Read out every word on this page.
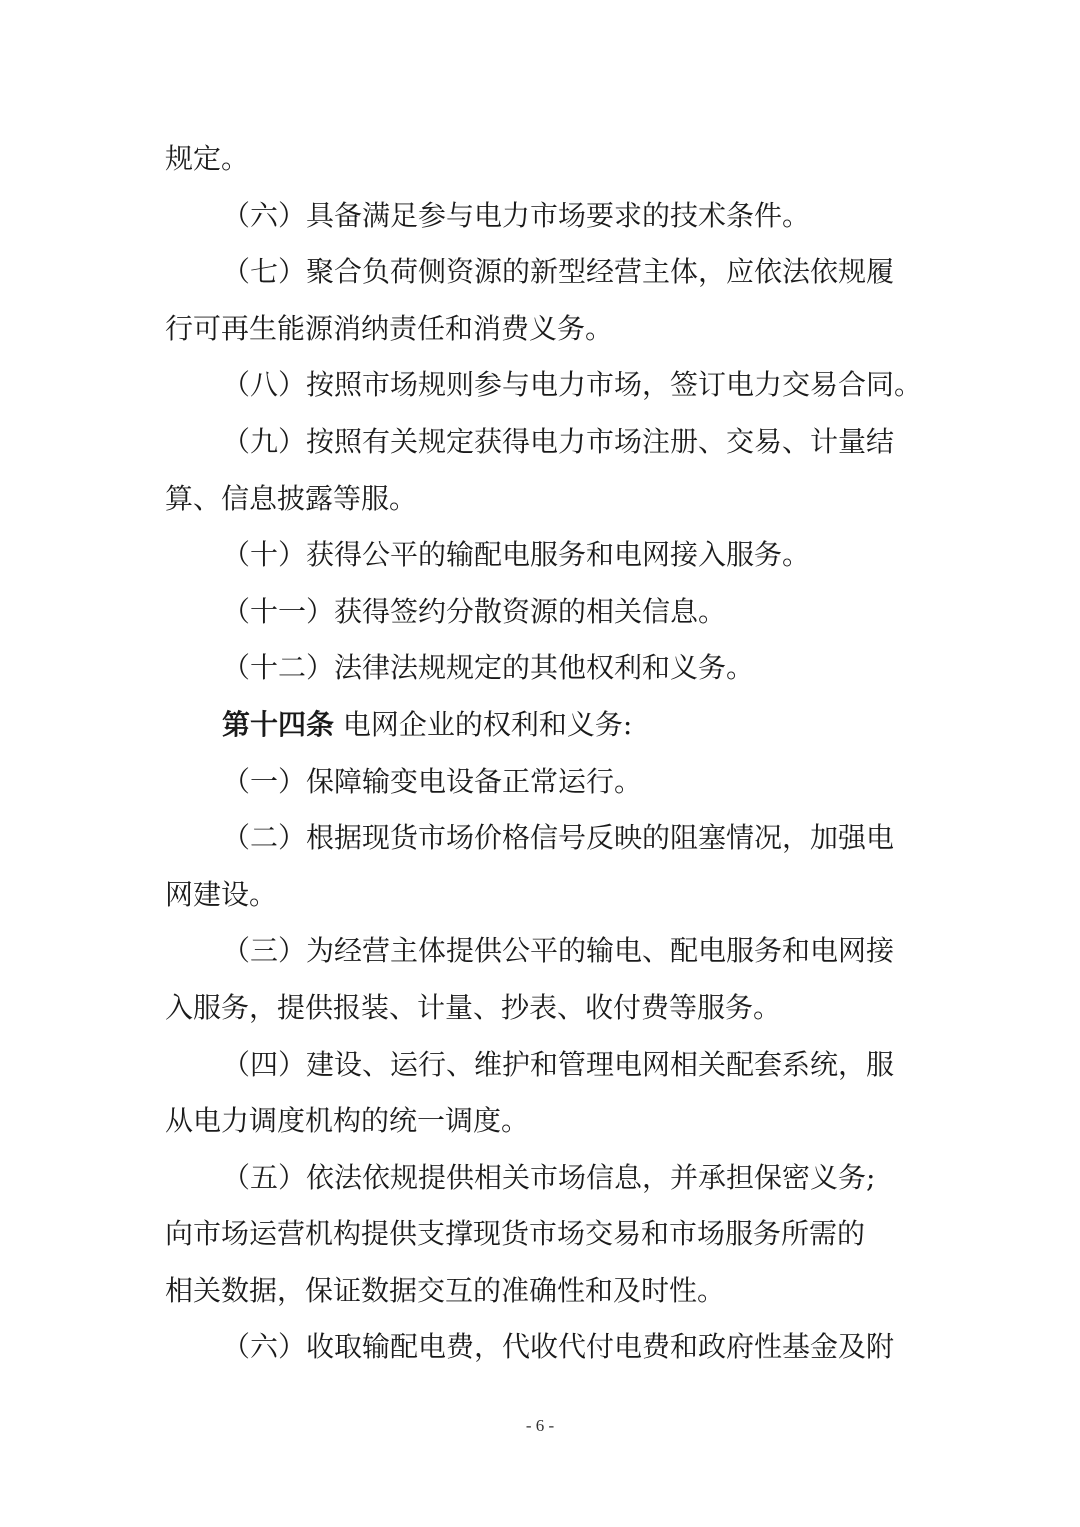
规定。
（六）具备满足参与电力市场要求的技术条件。
（七）聚合负荷侧资源的新型经营主体，应依法依规履
行可再生能源消纳责任和消费义务。
（八）按照市场规则参与电力市场，签订电力交易合同。
（九）按照有关规定获得电力市场注册、交易、计量结
算、信息披露等服。
（十）获得公平的输配电服务和电网接入服务。
（十一）获得签约分散资源的相关信息。
（十二）法律法规规定的其他权利和义务。
第十四条 电网企业的权利和义务:
（一）保障输变电设备正常运行。
（二）根据现货市场价格信号反映的阻塞情况，加强电
网建设。
（三）为经营主体提供公平的输电、配电服务和电网接
入服务，提供报装、计量、抄表、收付费等服务。
（四）建设、运行、维护和管理电网相关配套系统，服
从电力调度机构的统一调度。
（五）依法依规提供相关市场信息，并承担保密义务;
向市场运营机构提供支撑现货市场交易和市场服务所需的
相关数据，保证数据交互的准确性和及时性。
（六）收取输配电费，代收代付电费和政府性基金及附
- 6 -
